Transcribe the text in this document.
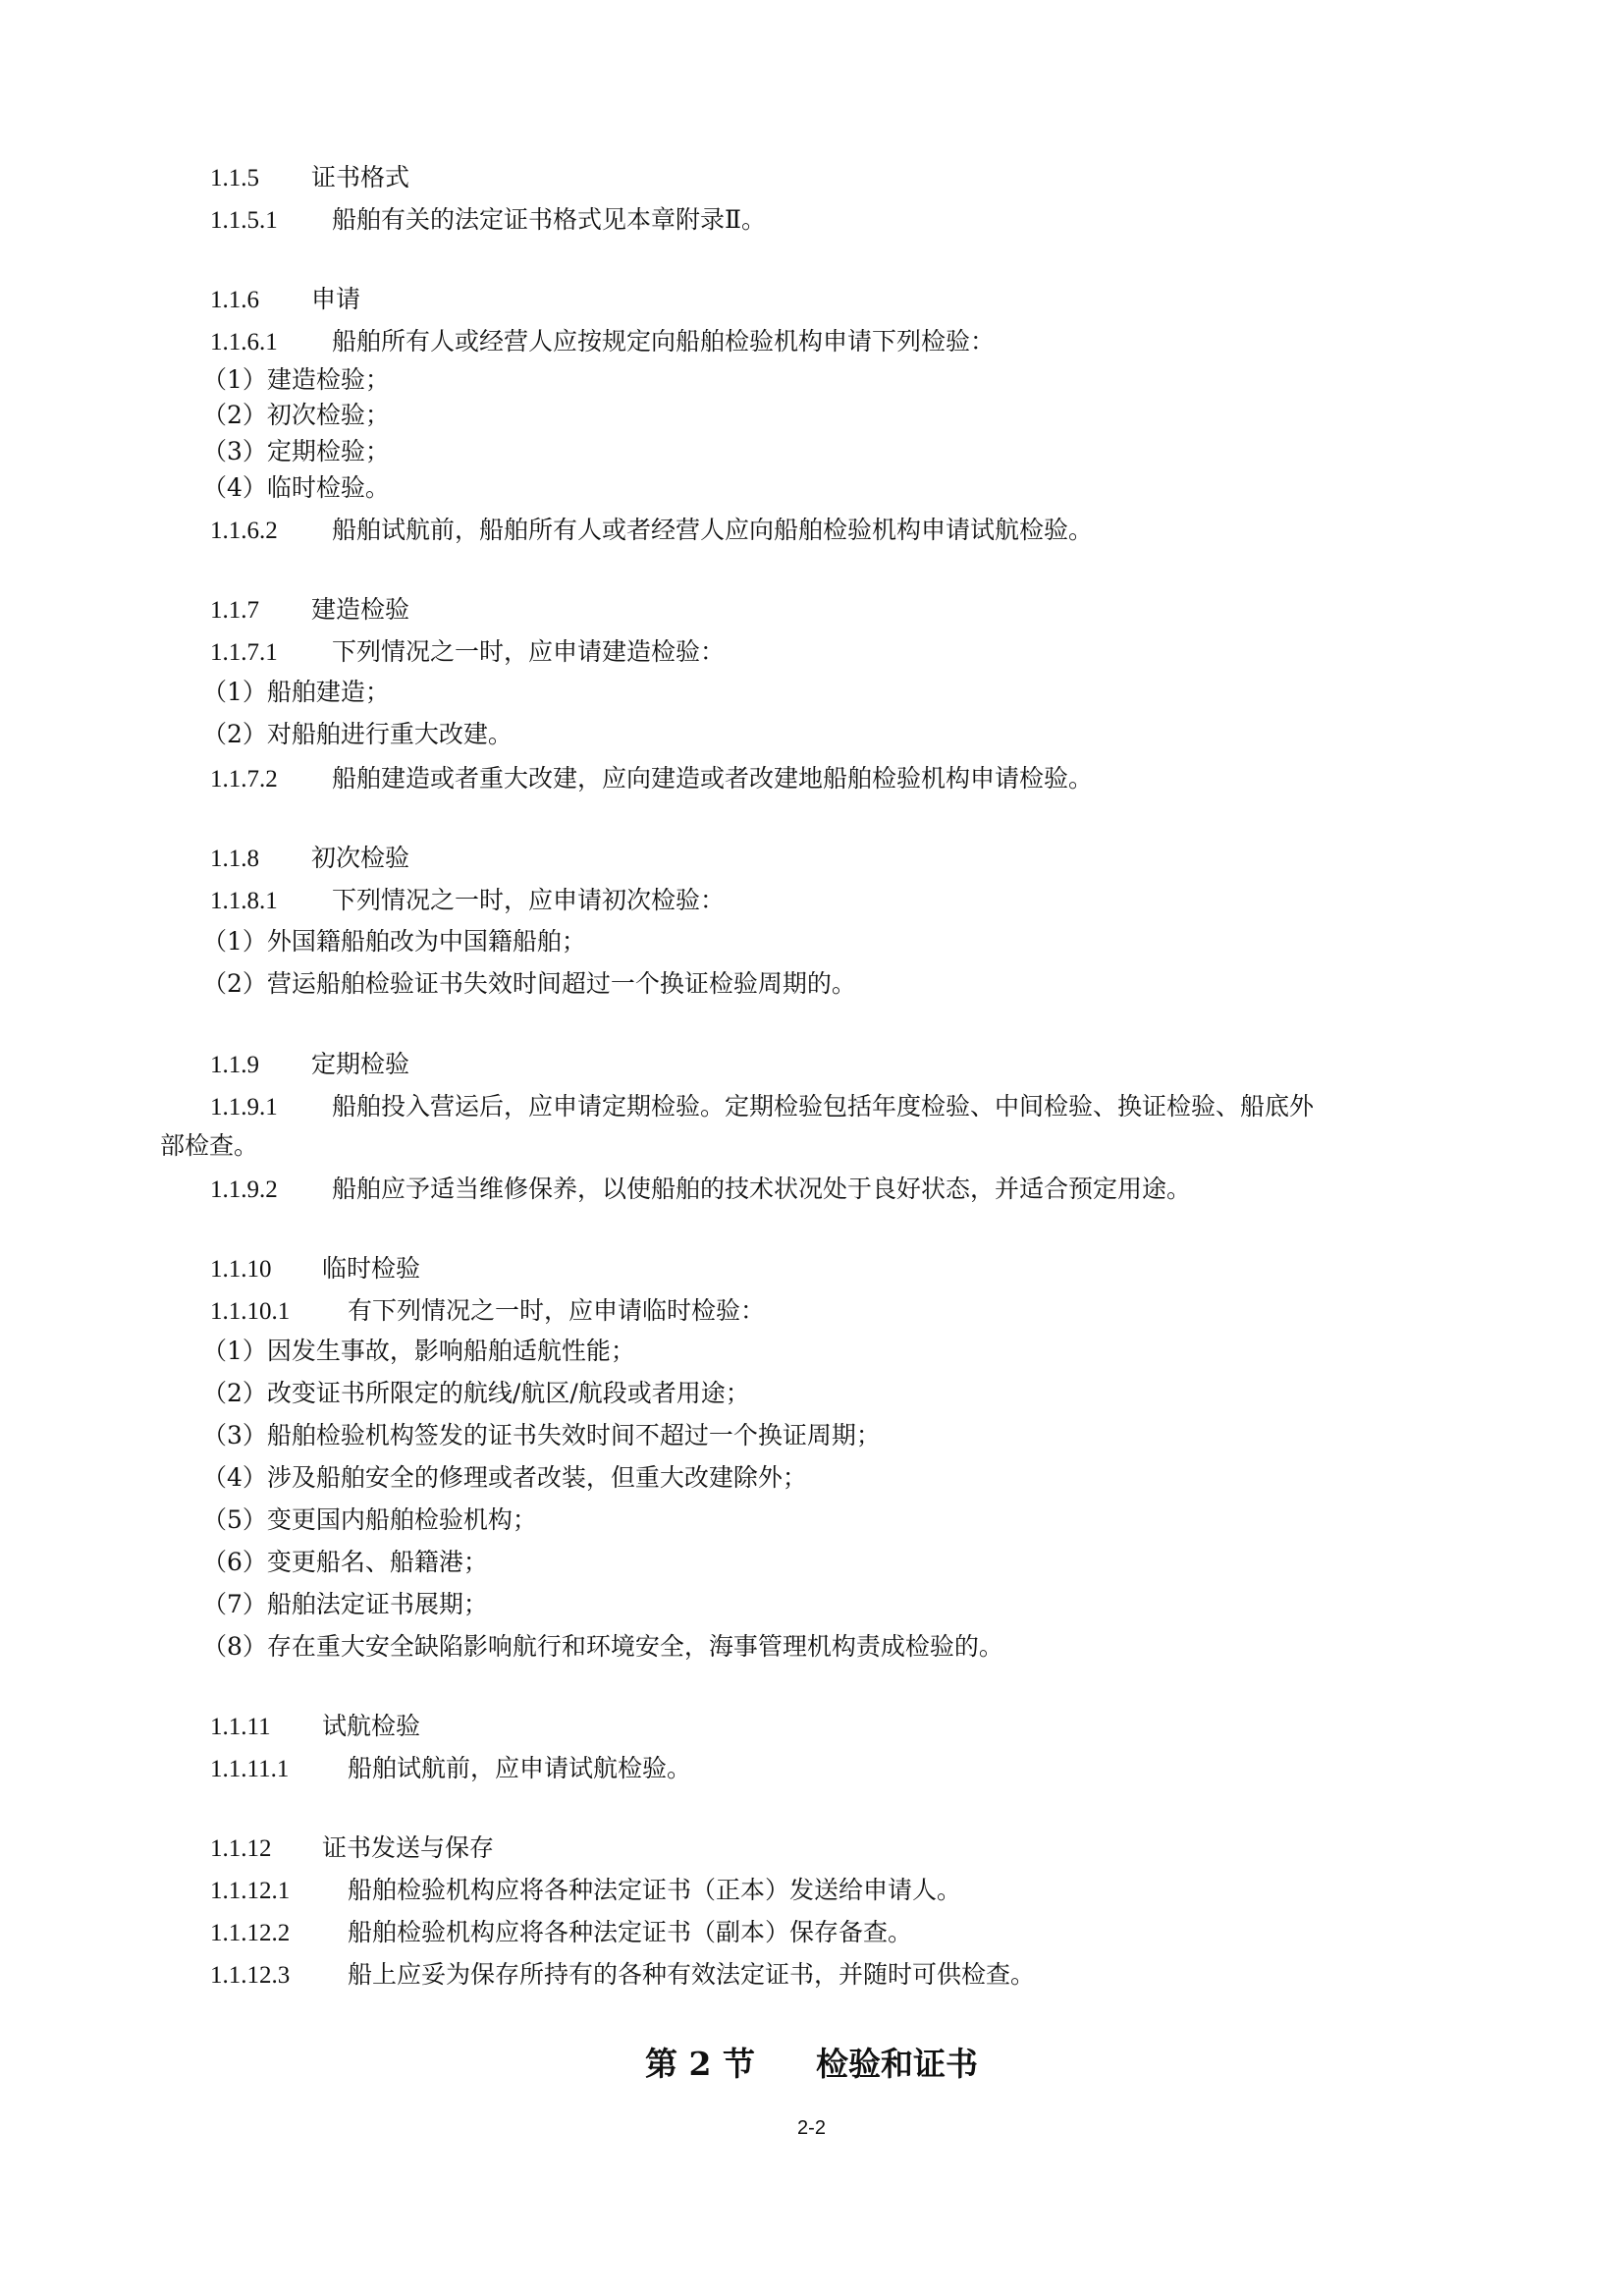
1.1.5 证书格式
1.1.5.1 船舶有关的法定证书格式见本章附录Ⅱ。
1.1.6 申请
1.1.6.1 船舶所有人或经营人应按规定向船舶检验机构申请下列检验：
（1）建造检验；
（2）初次检验；
（3）定期检验；
（4）临时检验。
1.1.6.2 船舶试航前，船舶所有人或者经营人应向船舶检验机构申请试航检验。
1.1.7 建造检验
1.1.7.1 下列情况之一时，应申请建造检验：
（1）船舶建造；
（2）对船舶进行重大改建。
1.1.7.2 船舶建造或者重大改建，应向建造或者改建地船舶检验机构申请检验。
1.1.8 初次检验
1.1.8.1 下列情况之一时，应申请初次检验：
（1）外国籍船舶改为中国籍船舶；
（2）营运船舶检验证书失效时间超过一个换证检验周期的。
1.1.9 定期检验
1.1.9.1 船舶投入营运后，应申请定期检验。定期检验包括年度检验、中间检验、换证检验、船底外
部检查。
1.1.9.2 船舶应予适当维修保养，以使船舶的技术状况处于良好状态，并适合预定用途。
1.1.10 临时检验
1.1.10.1 有下列情况之一时，应申请临时检验：
（1）因发生事故，影响船舶适航性能；
（2）改变证书所限定的航线/航区/航段或者用途；
（3）船舶检验机构签发的证书失效时间不超过一个换证周期；
（4）涉及船舶安全的修理或者改装，但重大改建除外；
（5）变更国内船舶检验机构；
（6）变更船名、船籍港；
（7）船舶法定证书展期；
（8）存在重大安全缺陷影响航行和环境安全，海事管理机构责成检验的。
1.1.11 试航检验
1.1.11.1 船舶试航前，应申请试航检验。
1.1.12 证书发送与保存
1.1.12.1 船舶检验机构应将各种法定证书（正本）发送给申请人。
1.1.12.2 船舶检验机构应将各种法定证书（副本）保存备查。
1.1.12.3 船上应妥为保存所持有的各种有效法定证书，并随时可供检查。
第 2 节 检验和证书
2-2
